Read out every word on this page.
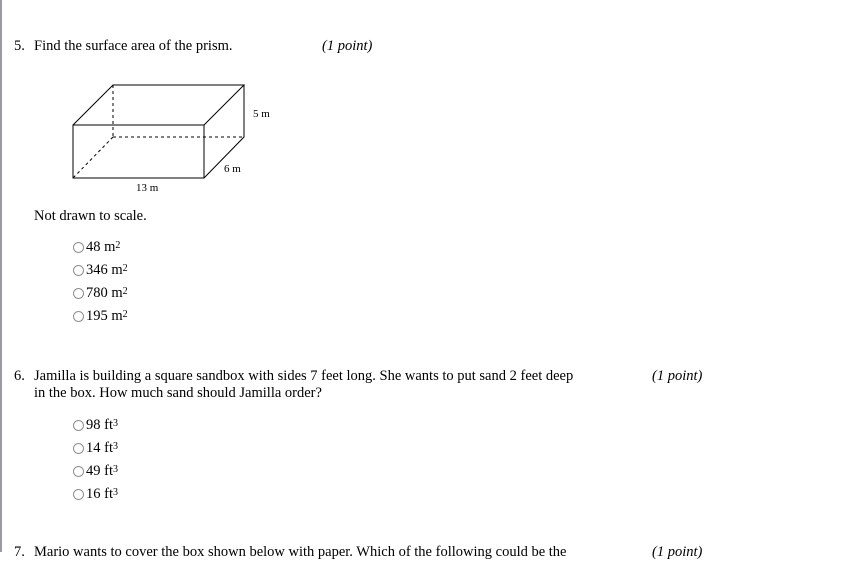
5. Find the surface area of the prism.	(1 point)
5 m
6 m
13 m
Not drawn to scale.
48 $m^2$
346 $m^2$
780 $m^2$
195 $m^2$
6. Jamilla is building a square sandbox with sides 7 feet long. She wants to put sand 2 feet deep	(1 point)
in the box. How much sand should Jamilla order?
98 $ft^3$
14 $ft^3$
49 $ft^3$
16 $ft^3$
7. Mario wants to cover the box shown below with paper. Which of the following could be the	(1 point)
